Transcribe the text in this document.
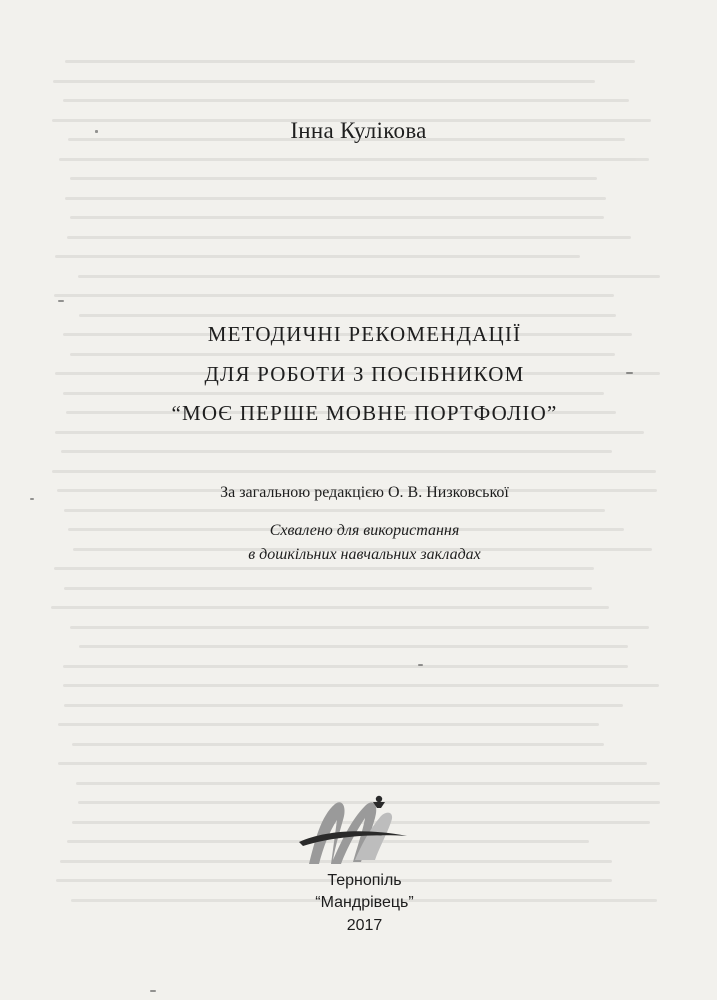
Інна Кулікова
МЕТОДИЧНІ РЕКОМЕНДАЦІЇ
ДЛЯ РОБОТИ З ПОСІБНИКОМ
“МОЄ ПЕРШЕ МОВНЕ ПОРТФОЛІО”
За загальною редакцією О. В. Низковської
Схвалено для використання
в дошкільних навчальних закладах
Тернопіль
“Мандрівець”
2017
